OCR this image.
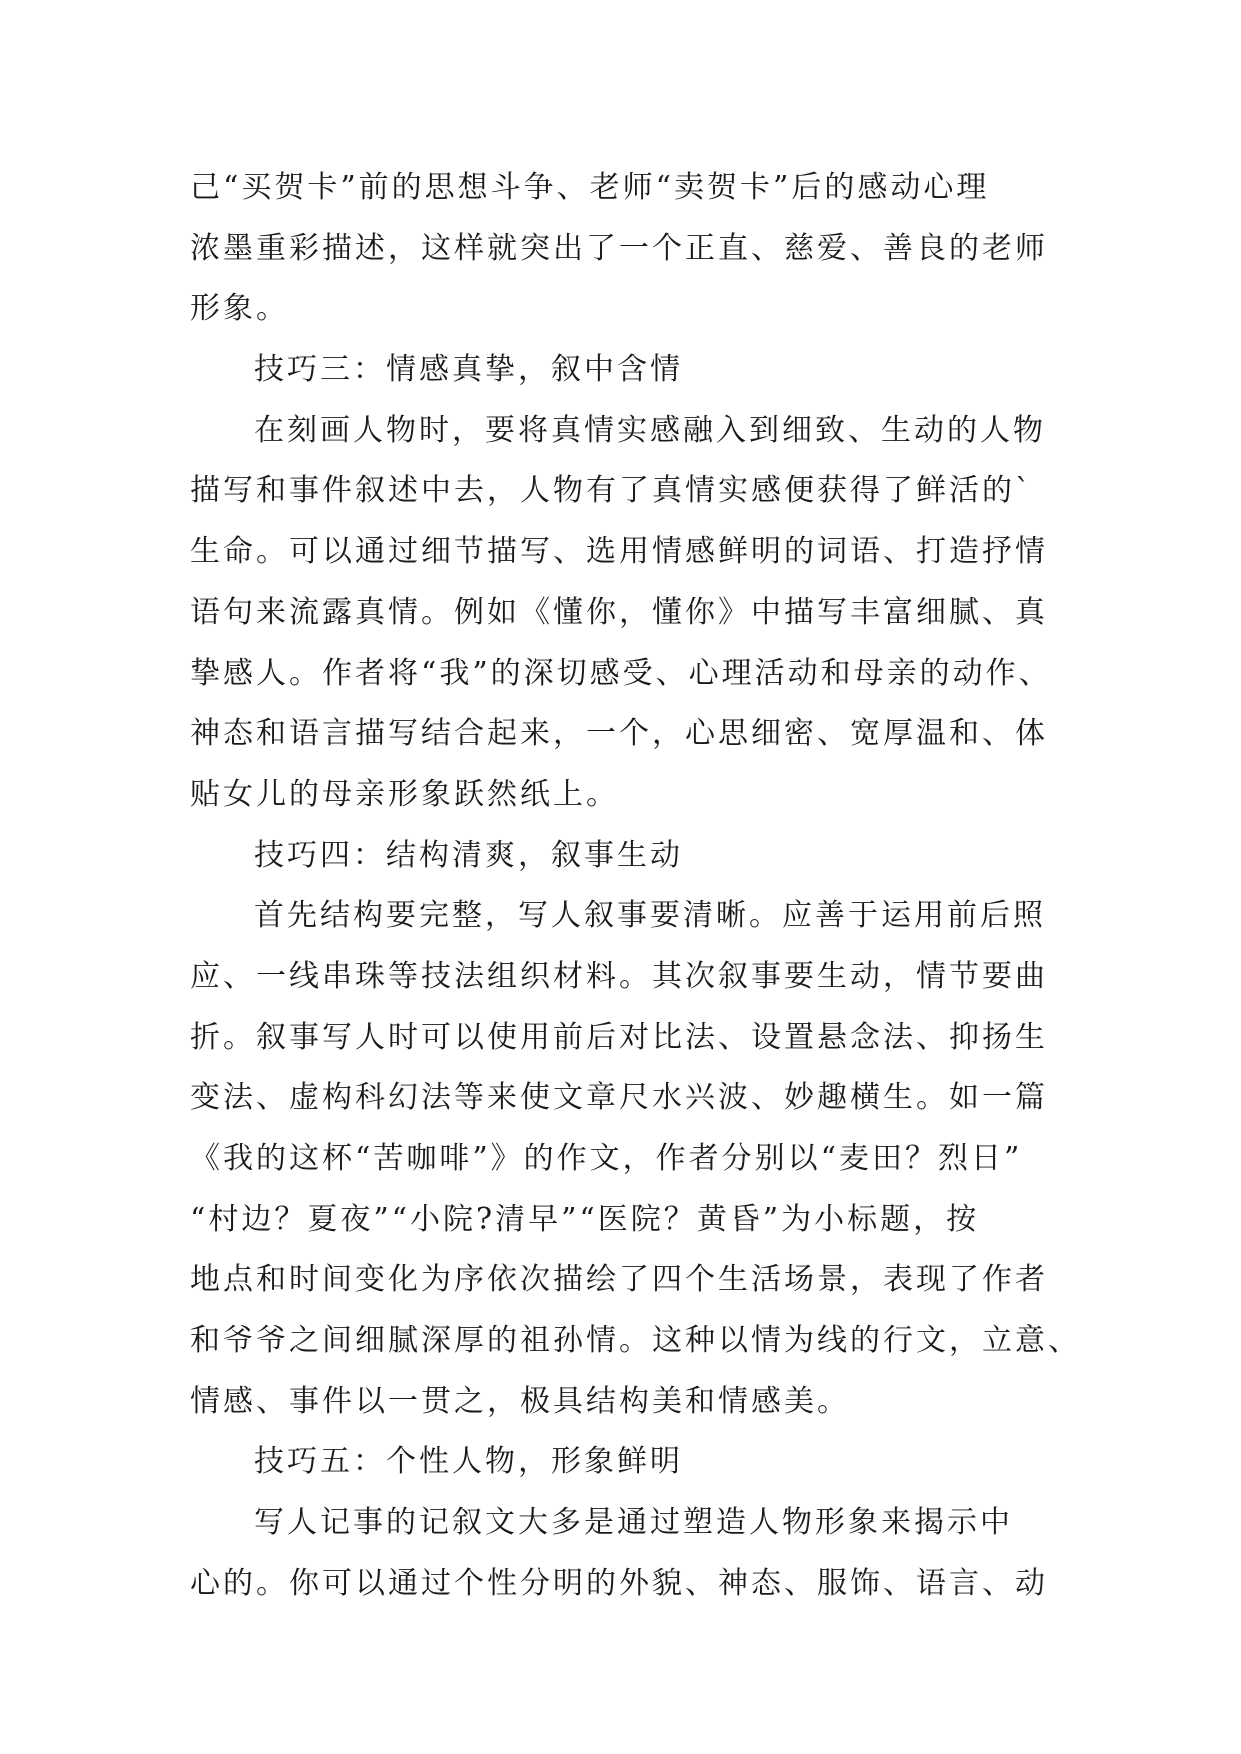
己“买贺卡”前的思想斗争、老师“卖贺卡”后的感动心理
浓墨重彩描述，这样就突出了一个正直、慈爱、善良的老师
形象。
技巧三：情感真挚，叙中含情
在刻画人物时，要将真情实感融入到细致、生动的人物
描写和事件叙述中去，人物有了真情实感便获得了鲜活的`
生命。可以通过细节描写、选用情感鲜明的词语、打造抒情
语句来流露真情。例如《懂你，懂你》中描写丰富细腻、真
挚感人。作者将“我”的深切感受、心理活动和母亲的动作、
神态和语言描写结合起来，一个，心思细密、宽厚温和、体
贴女儿的母亲形象跃然纸上。
技巧四：结构清爽，叙事生动
首先结构要完整，写人叙事要清晰。应善于运用前后照
应、一线串珠等技法组织材料。其次叙事要生动，情节要曲
折。叙事写人时可以使用前后对比法、设置悬念法、抑扬生
变法、虚构科幻法等来使文章尺水兴波、妙趣横生。如一篇
《我的这杯“苦咖啡”》的作文，作者分别以“麦田？烈日”
“村边？夏夜”“小院?清早”“医院？黄昏”为小标题，按
地点和时间变化为序依次描绘了四个生活场景，表现了作者
和爷爷之间细腻深厚的祖孙情。这种以情为线的行文，立意、
情感、事件以一贯之，极具结构美和情感美。
技巧五：个性人物，形象鲜明
写人记事的记叙文大多是通过塑造人物形象来揭示中
心的。你可以通过个性分明的外貌、神态、服饰、语言、动
